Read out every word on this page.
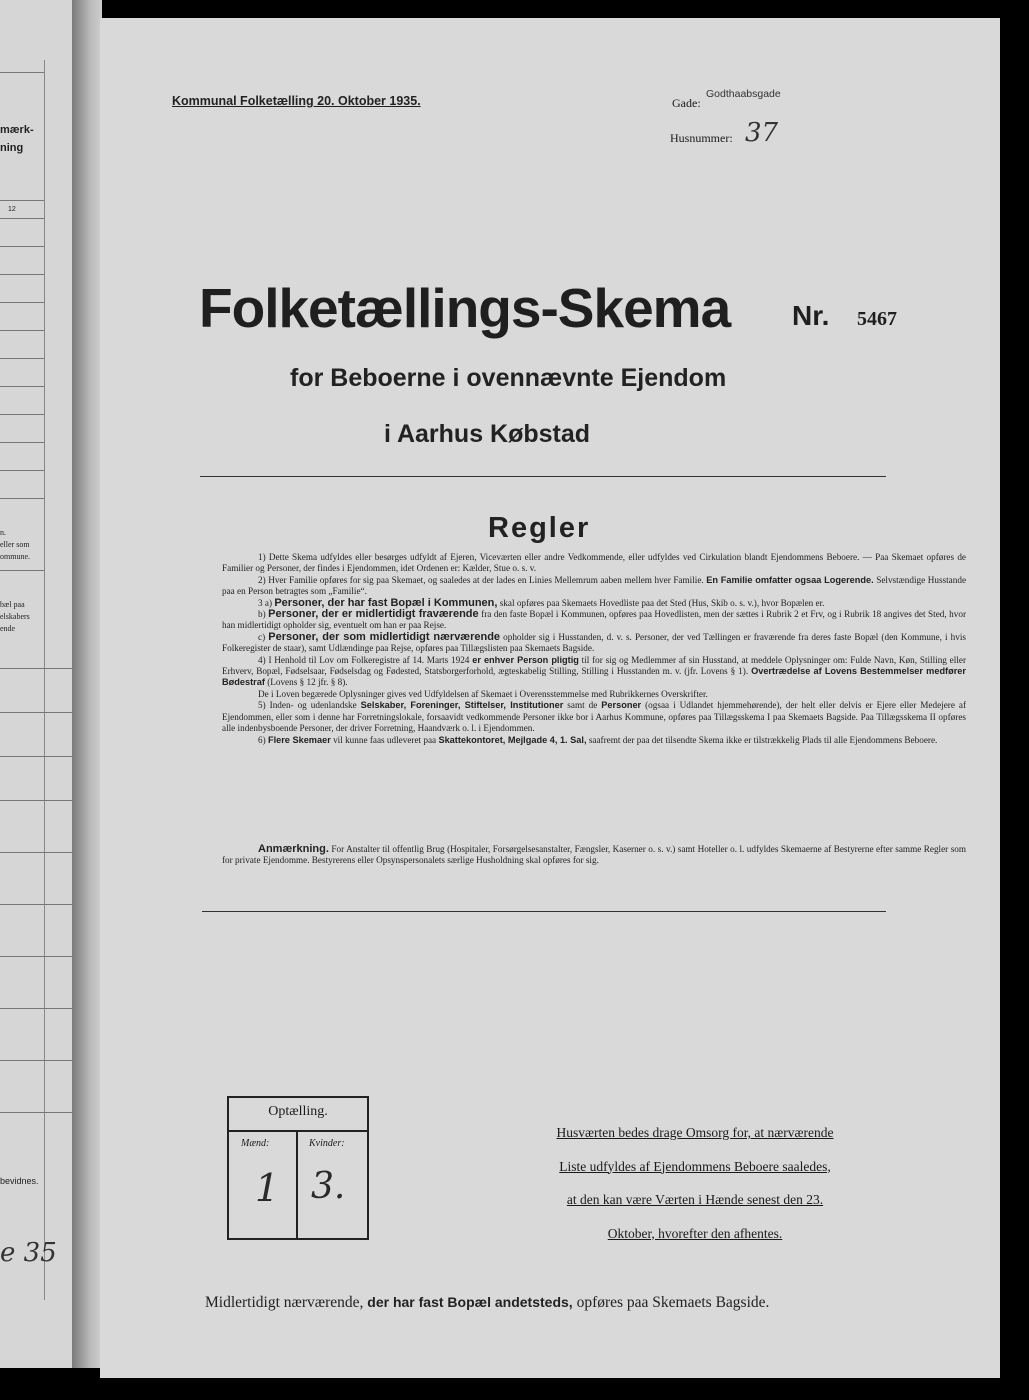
mærk-
ning
12
n.
eller som
ommune.
bæl paa
elskabers
ende
bevidnes.
e 35
Kommunal Folketælling 20. Oktober 1935.	Gade:
Godthaabsgade
Husnummer: 37
Folketællings-Skema Nr. 5467
for Beboerne i ovennævnte Ejendom
i Aarhus Købstad
Regler

1) Dette Skema udfyldes eller besørges udfyldt af Ejeren, Viceværten eller andre Vedkommende, eller udfyldes ved Cirkulation blandt Ejendommens Beboere. — Paa Skemaet opføres de Familier og Personer, der findes i Ejendommen, idet Ordenen er: Kælder, Stue o. s. v.

2) Hver Familie opføres for sig paa Skemaet, og saaledes at der lades en Linies Mellemrum aaben mellem hver Familie. En Familie omfatter ogsaa Logerende. Selvstændige Husstande paa en Person betragtes som „Familie“.

3 a) Personer, der har fast Bopæl i Kommunen, skal opføres paa Skemaets Hovedliste paa det Sted (Hus, Skib o. s. v.), hvor Bopælen er.

b) Personer, der er midlertidigt fraværende fra den faste Bopæl i Kommunen, opføres paa Hovedlisten, men der sættes i Rubrik 2 et Frv, og i Rubrik 18 angives det Sted, hvor han midlertidigt opholder sig, eventuelt om han er paa Rejse.

c) Personer, der som midlertidigt nærværende opholder sig i Husstanden, d. v. s. Personer, der ved Tællingen er fraværende fra deres faste Bopæl (den Kommune, i hvis Folkeregister de staar), samt Udlændinge paa Rejse, opføres paa Tillægslisten paa Skemaets Bagside.

4) I Henhold til Lov om Folkeregistre af 14. Marts 1924 er enhver Person pligtig til for sig og Medlemmer af sin Husstand, at meddele Oplysninger om: Fulde Navn, Køn, Stilling eller Erhverv, Bopæl, Fødselsaar, Fødselsdag og Fødested, Statsborgerforhold, ægteskabelig Stilling, Stilling i Husstanden m. v. (jfr. Lovens § 1). Overtrædelse af Lovens Bestemmelser medfører Bødestraf (Lovens § 12 jfr. § 8).

De i Loven begærede Oplysninger gives ved Udfyldelsen af Skemaet i Overensstemmelse med Rubrikkernes Overskrifter.

5) Inden- og udenlandske Selskaber, Foreninger, Stiftelser, Institutioner samt de Personer (ogsaa i Udlandet hjemmehørende), der helt eller delvis er Ejere eller Medejere af Ejendommen, eller som i denne har Forretningslokale, forsaavidt vedkommende Personer ikke bor i Aarhus Kommune, opføres paa Tillægsskema I paa Skemaets Bagside. Paa Tillægsskema II opføres alle indenbysboende Personer, der driver Forretning, Haandværk o. l. i Ejendommen.

6) Flere Skemaer vil kunne faas udleveret paa Skattekontoret, Mejlgade 4, 1. Sal, saafremt der paa det tilsendte Skema ikke er tilstrækkelig Plads til alle Ejendommens Beboere.

Anmærkning. For Anstalter til offentlig Brug (Hospitaler, Forsørgelsesanstalter, Fængsler, Kaserner o. s. v.) samt Hoteller o. l. udfyldes Skemaerne af Bestyrerne efter samme Regler som for private Ejendomme. Bestyrerens eller Opsynspersonalets særlige Husholdning skal opføres for sig.

Optælling.
Mænd:	Kvinder:
1 3.
Husværten bedes drage Omsorg for, at nærværende
Liste udfyldes af Ejendommens Beboere saaledes,
at den kan være Værten i Hænde senest den 23.
Oktober, hvorefter den afhentes.
Midlertidigt nærværende, der har fast Bopæl andetsteds, opføres paa Skemaets Bagside.
